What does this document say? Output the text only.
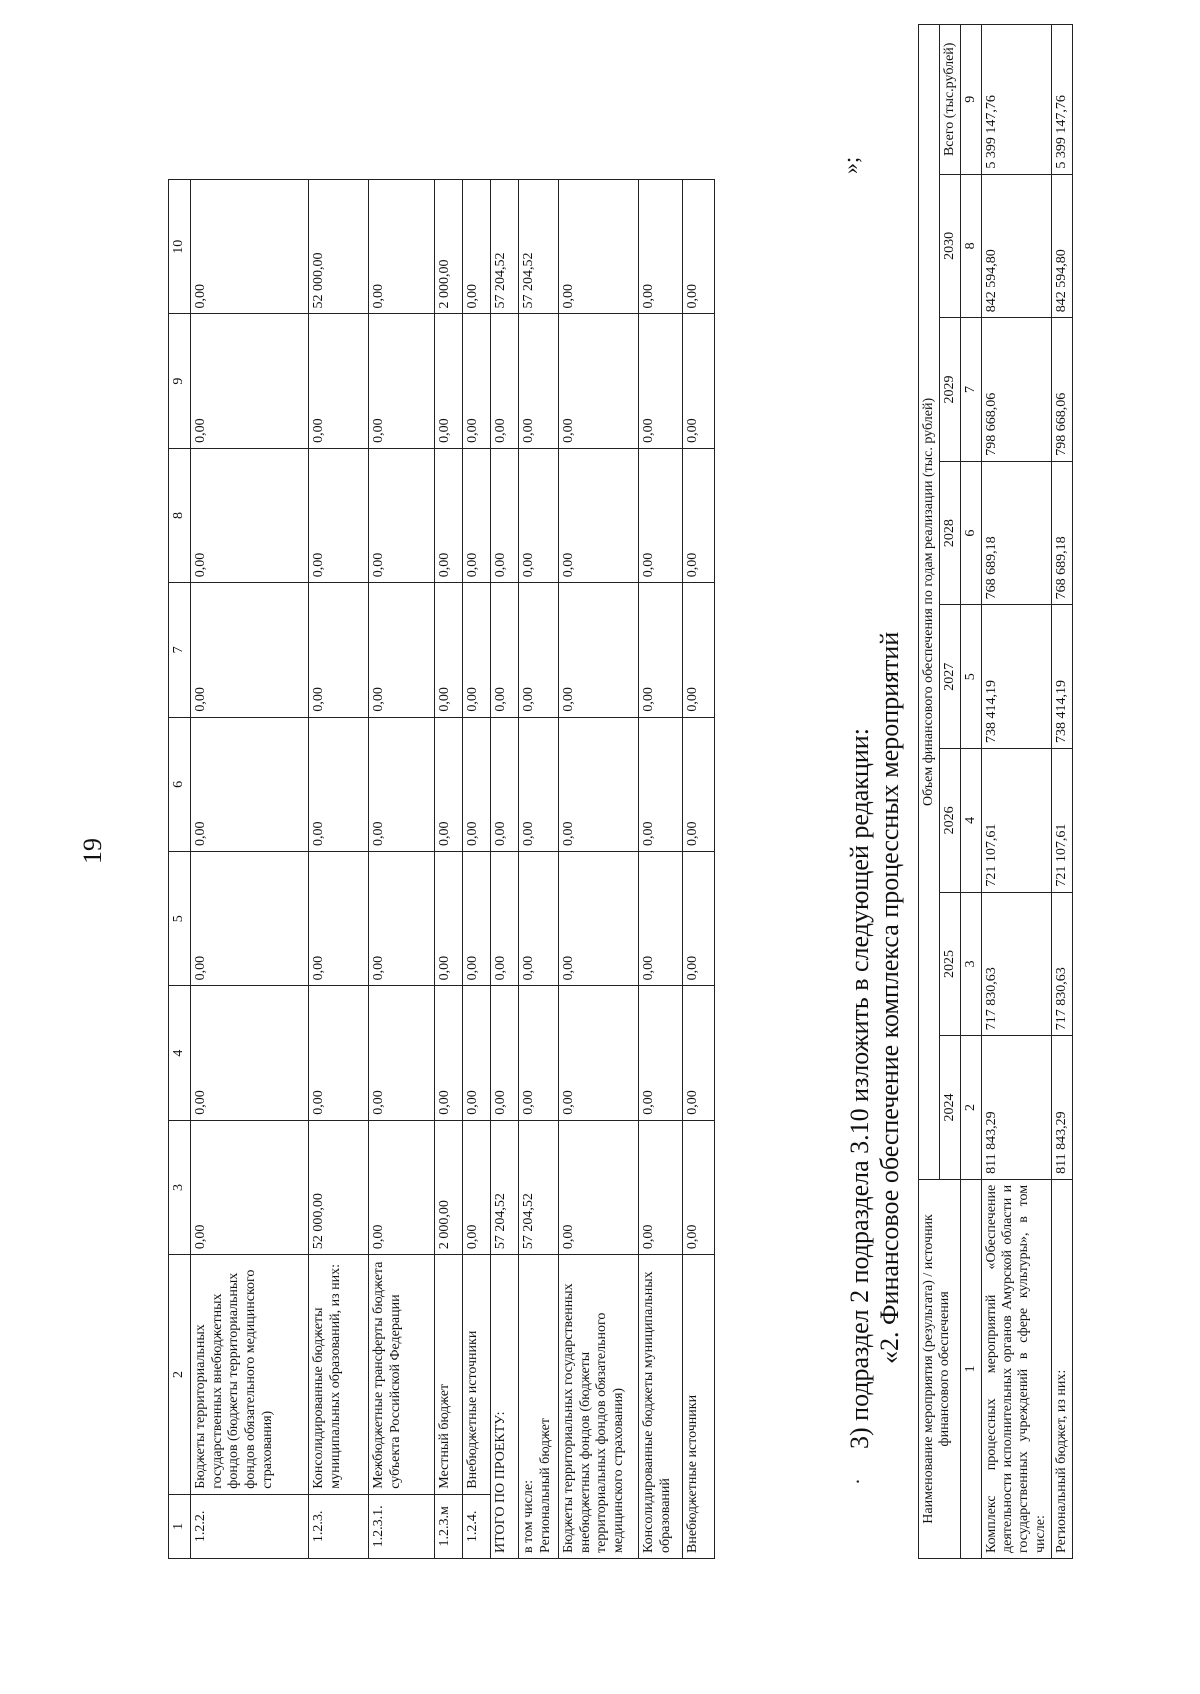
19
1	2	3	4	5	6	7	8	9	10
1.2.2.	Бюджеты территориальных государственных внебюджетных фондов (бюджеты территориальных фондов обязательного медицинского страхования)	0,00	0,00	0,00	0,00	0,00	0,00	0,00	0,00
1.2.3.	Консолидированные бюджеты муниципальных образований, из них:	52 000,00	0,00	0,00	0,00	0,00	0,00	0,00	52 000,00
1.2.3.1.	Межбюджетные трансферты бюджета субъекта Российской Федерации	0,00	0,00	0,00	0,00	0,00	0,00	0,00	0,00
1.2.3.м	Местный бюджет	2 000,00	0,00	0,00	0,00	0,00	0,00	0,00	2 000,00
1.2.4.	Внебюджетные источники	0,00	0,00	0,00	0,00	0,00	0,00	0,00	0,00
ИТОГО ПО ПРОЕКТУ:		57 204,52	0,00	0,00	0,00	0,00	0,00	0,00	57 204,52
в том числе:
Региональный бюджет		57 204,52	0,00	0,00	0,00	0,00	0,00	0,00	57 204,52
Бюджеты территориальных государственных внебюджетных фондов (бюджеты территориальных фондов обязательного медицинского страхования)		0,00	0,00	0,00	0,00	0,00	0,00	0,00	0,00
Консолидированные бюджеты муниципальных образований		0,00	0,00	0,00	0,00	0,00	0,00	0,00	0,00
Внебюджетные источники		0,00	0,00	0,00	0,00	0,00	0,00	0,00	0,00
»;
.
3) подраздел 2 подраздела 3.10 изложить в следующей редакции: «2. Финансовое обеспечение комплекса процессных мероприятий
Наименование мероприятия (результата) / источник финансового обеспечения	Объем финансового обеспечения по годам реализации (тыс. рублей)							
	2024	2025	2026	2027	2028	2029	2030	Всего (тыс.рублей)
1	2	3	4	5	6	7	8	9
Комплекс процессных мероприятий «Обеспечение деятельности исполнительных органов Амурской области и государственных учреждений в сфере культуры», в том числе:	811 843,29	717 830,63	721 107,61	738 414,19	768 689,18	798 668,06	842 594,80	5 399 147,76
Региональный бюджет, из них:	811 843,29	717 830,63	721 107,61	738 414,19	768 689,18	798 668,06	842 594,80	5 399 147,76
